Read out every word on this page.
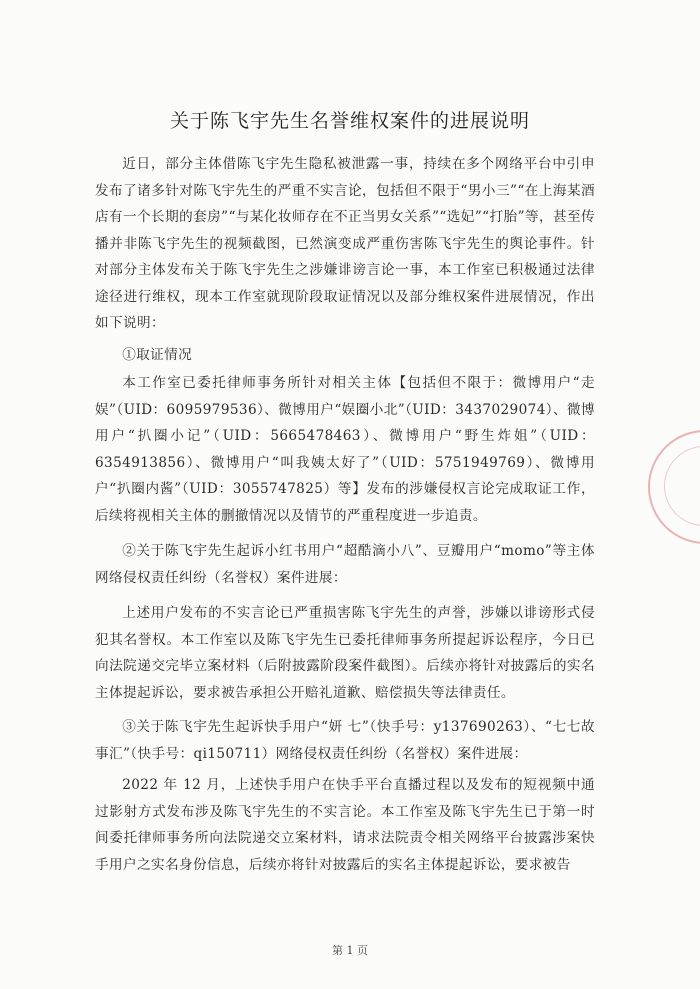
关于陈飞宇先生名誉维权案件的进展说明
近日，部分主体借陈飞宇先生隐私被泄露一事，持续在多个网络平台中引申发布了诸多针对陈飞宇先生的严重不实言论，包括但不限于“男小三”“在上海某酒店有一个长期的套房”“与某化妆师存在不正当男女关系”“选妃”“打胎”等，甚至传播并非陈飞宇先生的视频截图，已然演变成严重伤害陈飞宇先生的舆论事件。针对部分主体发布关于陈飞宇先生之涉嫌诽谤言论一事，本工作室已积极通过法律途径进行维权，现本工作室就现阶段取证情况以及部分维权案件进展情况，作出如下说明：
①取证情况
本工作室已委托律师事务所针对相关主体【包括但不限于：微博用户“走娱”（UID：6095979536）、微博用户“娱圈小北”（UID：3437029074）、微博用户“扒圈小记”（UID：5665478463）、微博用户“野生炸姐”（UID：6354913856）、微博用户“叫我姨太好了”（UID：5751949769）、微博用户“扒圈内酱”（UID：3055747825）等】发布的涉嫌侵权言论完成取证工作，后续将视相关主体的删撤情况以及情节的严重程度进一步追责。
②关于陈飞宇先生起诉小红书用户“超酷滴小八”、豆瓣用户“momo”等主体网络侵权责任纠纷（名誉权）案件进展：
上述用户发布的不实言论已严重损害陈飞宇先生的声誉，涉嫌以诽谤形式侵犯其名誉权。本工作室以及陈飞宇先生已委托律师事务所提起诉讼程序，今日已向法院递交完毕立案材料（后附披露阶段案件截图）。后续亦将针对披露后的实名主体提起诉讼，要求被告承担公开赔礼道歉、赔偿损失等法律责任。
③关于陈飞宇先生起诉快手用户“妍 七”（快手号：y137690263）、“七七故事汇”（快手号：qi150711）网络侵权责任纠纷（名誉权）案件进展：
2022 年 12 月，上述快手用户在快手平台直播过程以及发布的短视频中通过影射方式发布涉及陈飞宇先生的不实言论。本工作室及陈飞宇先生已于第一时间委托律师事务所向法院递交立案材料，请求法院责令相关网络平台披露涉案快手用户之实名身份信息，后续亦将针对披露后的实名主体提起诉讼，要求被告
第 1 页
